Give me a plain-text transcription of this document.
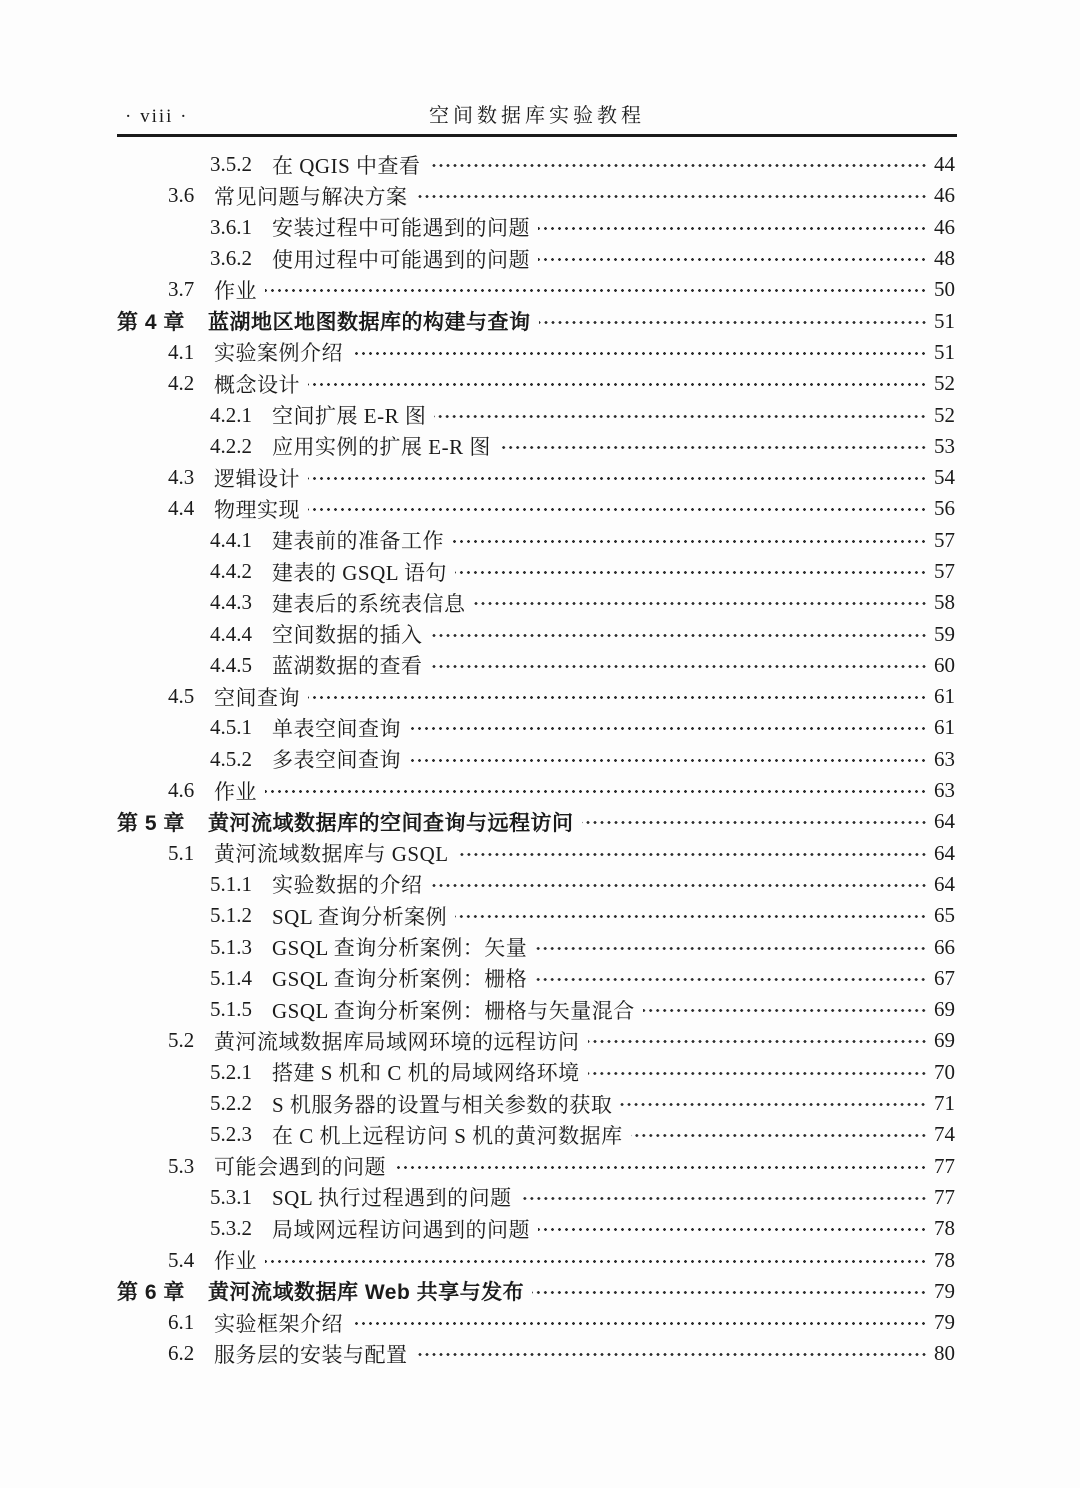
· viii ·	空间数据库实验教程
3.5.2 在 QGIS 中查看	44
3.6 常见问题与解决方案	46
3.6.1 安装过程中可能遇到的问题	46
3.6.2 使用过程中可能遇到的问题	48
3.7 作业	50
第 4 章	蓝湖地区地图数据库的构建与查询	51
4.1 实验案例介绍	51
4.2 概念设计	52
4.2.1 空间扩展 E-R 图	52
4.2.2 应用实例的扩展 E-R 图	53
4.3 逻辑设计	54
4.4 物理实现	56
4.4.1 建表前的准备工作	57
4.4.2 建表的 GSQL 语句	57
4.4.3 建表后的系统表信息	58
4.4.4 空间数据的插入	59
4.4.5 蓝湖数据的查看	60
4.5 空间查询	61
4.5.1 单表空间查询	61
4.5.2 多表空间查询	63
4.6 作业	63
第 5 章	黄河流域数据库的空间查询与远程访问	64
5.1 黄河流域数据库与 GSQL	64
5.1.1 实验数据的介绍	64
5.1.2 SQL 查询分析案例	65
5.1.3 GSQL 查询分析案例：矢量	66
5.1.4 GSQL 查询分析案例：栅格	67
5.1.5 GSQL 查询分析案例：栅格与矢量混合	69
5.2 黄河流域数据库局域网环境的远程访问	69
5.2.1 搭建 S 机和 C 机的局域网络环境	70
5.2.2 S 机服务器的设置与相关参数的获取	71
5.2.3 在 C 机上远程访问 S 机的黄河数据库	74
5.3 可能会遇到的问题	77
5.3.1 SQL 执行过程遇到的问题	77
5.3.2 局域网远程访问遇到的问题	78
5.4 作业	78
第 6 章	黄河流域数据库 Web 共享与发布	79
6.1 实验框架介绍	79
6.2 服务层的安装与配置	80
